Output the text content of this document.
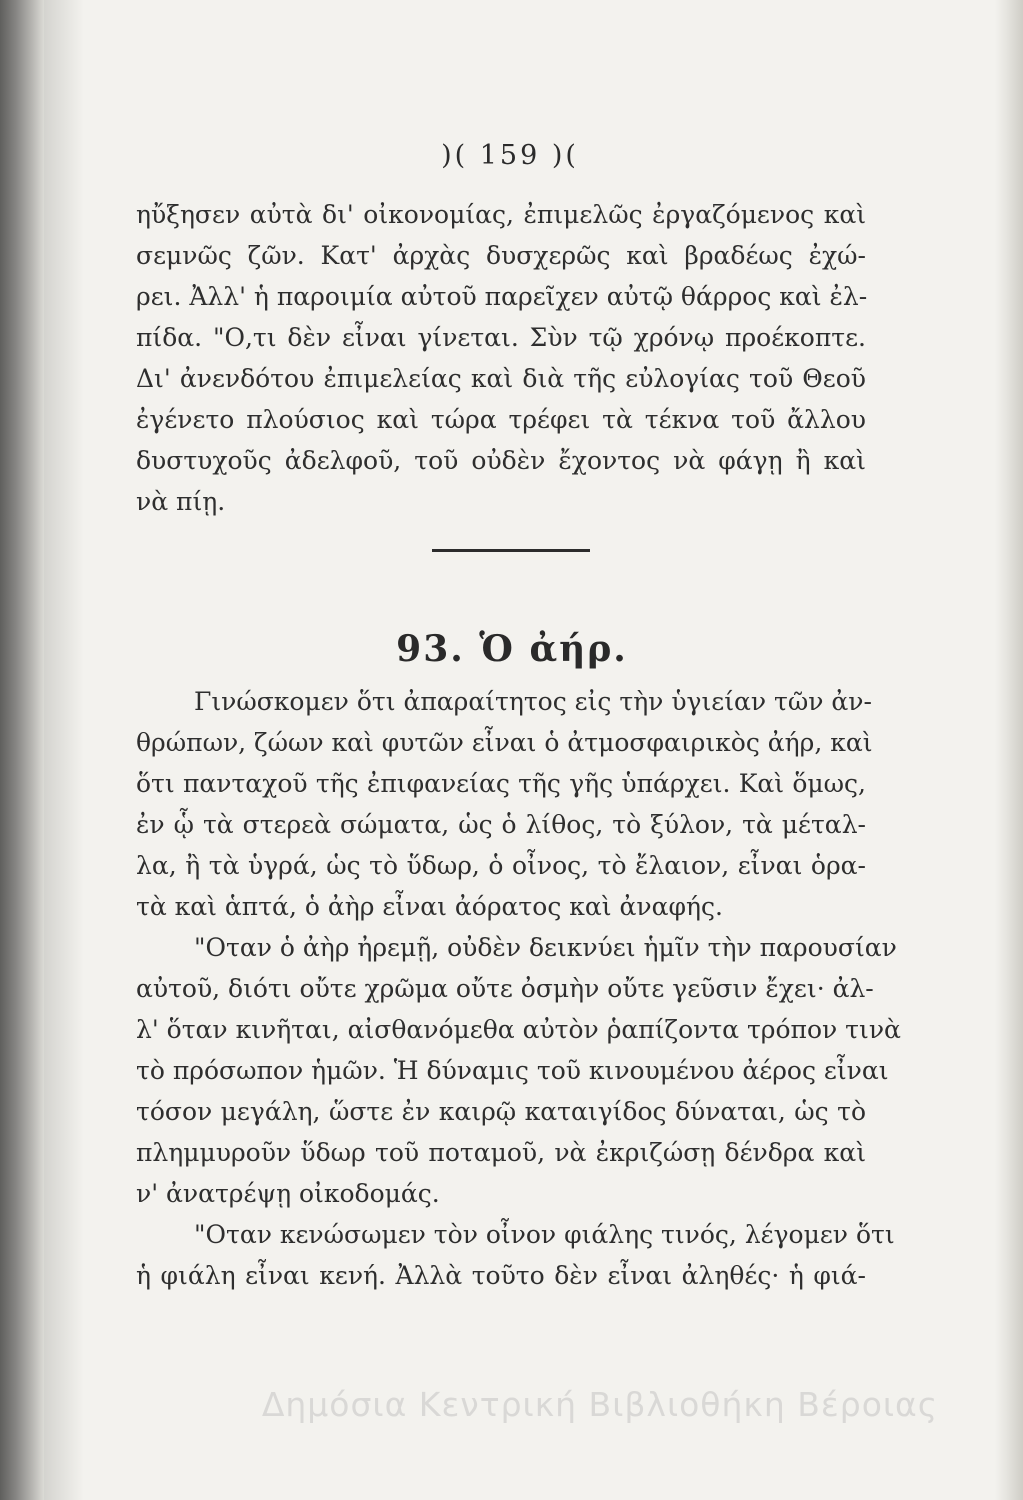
)( 159 )(
ηὔξησεν αὐτὰ δι' οἰκονομίας, ἐπιμελῶς ἐργαζόμενος καὶ
σεμνῶς ζῶν. Κατ' ἀρχὰς δυσχερῶς καὶ βραδέως ἐχώ-
ρει. Ἀλλ' ἡ παροιμία αὐτοῦ παρεῖχεν αὐτῷ θάρρος καὶ ἐλ-
πίδα. "Ο,τι δὲν εἶναι γίνεται. Σὺν τῷ χρόνῳ προέκοπτε.
Δι' ἀνενδότου ἐπιμελείας καὶ διὰ τῆς εὐλογίας τοῦ Θεοῦ
ἐγένετο πλούσιος καὶ τώρα τρέφει τὰ τέκνα τοῦ ἄλλου
δυστυχοῦς ἀδελφοῦ, τοῦ οὐδὲν ἔχοντος νὰ φάγῃ ἢ καὶ
νὰ πίῃ.
93. Ὁ ἀήρ.
Γινώσκομεν ὅτι ἀπαραίτητος εἰς τὴν ὑγιείαν τῶν ἀν-
θρώπων, ζώων καὶ φυτῶν εἶναι ὁ ἀτμοσφαιρικὸς ἀήρ, καὶ
ὅτι πανταχοῦ τῆς ἐπιφανείας τῆς γῆς ὑπάρχει. Καὶ ὅμως,
ἐν ᾧ τὰ στερεὰ σώματα, ὡς ὁ λίθος, τὸ ξύλον, τὰ μέταλ-
λα, ἢ τὰ ὑγρά, ὡς τὸ ὕδωρ, ὁ οἶνος, τὸ ἔλαιον, εἶναι ὁρα-
τὰ καὶ ἁπτά, ὁ ἀὴρ εἶναι ἀόρατος καὶ ἀναφής.
"Οταν ὁ ἀὴρ ἠρεμῇ, οὐδὲν δεικνύει ἡμῖν τὴν παρουσίαν
αὐτοῦ, διότι οὔτε χρῶμα οὔτε ὀσμὴν οὔτε γεῦσιν ἔχει· ἀλ-
λ' ὅταν κινῆται, αἰσθανόμεθα αὐτὸν ῥαπίζοντα τρόπον τινὰ
τὸ πρόσωπον ἡμῶν. Ἡ δύναμις τοῦ κινουμένου ἀέρος εἶναι
τόσον μεγάλη, ὥστε ἐν καιρῷ καταιγίδος δύναται, ὡς τὸ
πλημμυροῦν ὕδωρ τοῦ ποταμοῦ, νὰ ἐκριζώσῃ δένδρα καὶ
ν' ἀνατρέψῃ οἰκοδομάς.
"Οταν κενώσωμεν τὸν οἶνον φιάλης τινός, λέγομεν ὅτι
ἡ φιάλη εἶναι κενή. Ἀλλὰ τοῦτο δὲν εἶναι ἀληθές· ἡ φιά-
Δημόσια Κεντρική Βιβλιοθήκη Βέροιας
